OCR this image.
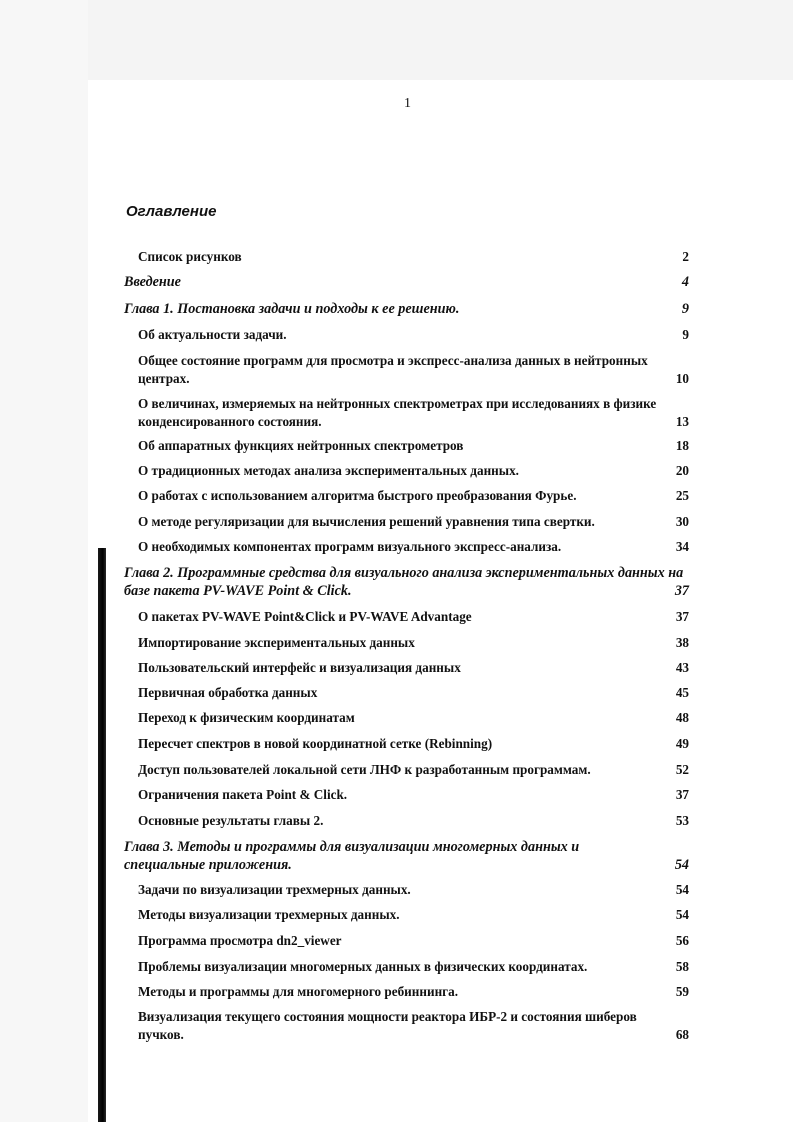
1
Оглавление
Список рисунков	2
Введение	4
Глава 1. Постановка задачи и подходы к ее решению.	9
Об актуальности задачи.	9
Общее состояние программ для просмотра и экспресс-анализа данных в нейтронных центрах.	10
О величинах, измеряемых на нейтронных спектрометрах при исследованиях в физике конденсированного состояния.	13
Об аппаратных функциях нейтронных спектрометров	18
О традиционных методах анализа экспериментальных данных.	20
О работах с использованием алгоритма быстрого преобразования Фурье.	25
О методе регуляризации для вычисления решений уравнения типа свертки.	30
О необходимых компонентах программ визуального экспресс-анализа.	34
Глава 2. Программные средства для визуального анализа экспериментальных данных на базе пакета PV-WAVE Point & Click.	37
О пакетах PV-WAVE Point&Click и PV-WAVE Advantage	37
Импортирование экспериментальных данных	38
Пользовательский интерфейс и визуализация данных	43
Первичная обработка данных	45
Переход к физическим координатам	48
Пересчет спектров в новой координатной сетке (Rebinning)	49
Доступ пользователей локальной сети ЛНФ к разработанным программам.	52
Ограничения пакета Point & Click.	37
Основные результаты главы 2.	53
Глава 3. Методы и программы для визуализации многомерных данных и специальные приложения.	54
Задачи по визуализации трехмерных данных.	54
Методы визуализации трехмерных данных.	54
Программа просмотра dn2_viewer	56
Проблемы визуализации многомерных данных в физических координатах.	58
Методы и программы для многомерного ребиннинга.	59
Визуализация текущего состояния мощности реактора ИБР-2 и состояния шиберов пучков.	68
